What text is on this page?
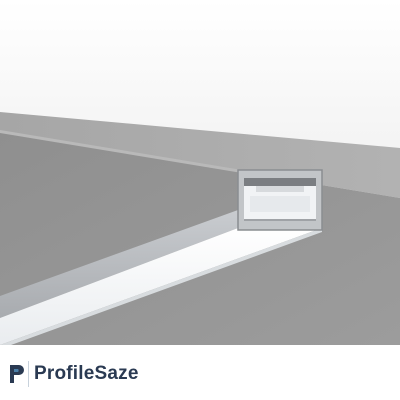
ProfileSaze
